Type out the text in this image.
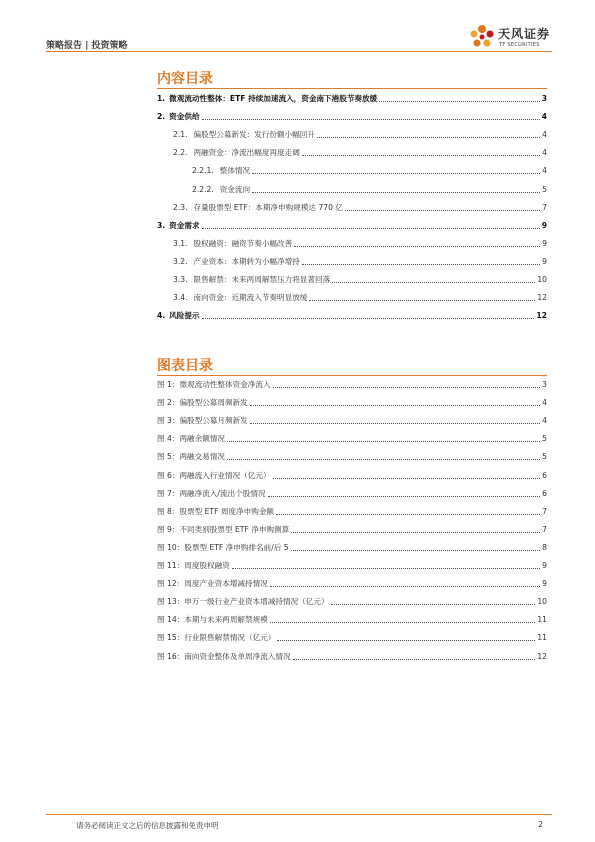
策略报告 | 投资策略
天风证券
TF SECURITIES
内容目录
1. 微观流动性整体：ETF 持续加速流入，资金南下港股节奏放缓	3
2. 资金供给	4
2.1. 偏股型公募新发：发行份额小幅回升	4
2.2. 两融资金：净流出幅度再度走阔	4
2.2.1. 整体情况	4
2.2.2. 资金流向	5
2.3. 存量股票型 ETF：本期净申购规模达 770 亿	7
3. 资金需求	9
3.1. 股权融资：融资节奏小幅改善	9
3.2. 产业资本：本期转为小幅净增持	9
3.3. 限售解禁：未来两周解禁压力将显著回落	10
3.4. 南向资金：近期流入节奏明显放缓	12
4. 风险提示	12
图表目录
图 1： 微观流动性整体资金净流入	3
图 2： 偏股型公募周频新发	4
图 3： 偏股型公募月频新发	4
图 4： 两融余额情况	5
图 5： 两融交易情况	5
图 6： 两融流入行业情况（亿元）	6
图 7： 两融净流入/流出个股情况	6
图 8： 股票型 ETF 周度净申购金额	7
图 9： 不同类别股票型 ETF 净申购测算	7
图 10： 股票型 ETF 净申购排名前/后 5	8
图 11： 周度股权融资	9
图 12： 周度产业资本增减持情况	9
图 13： 申万一级行业产业资本增减持情况（亿元）	10
图 14： 本期与未来两周解禁规模	11
图 15： 行业限售解禁情况（亿元）	11
图 16： 南向资金整体及单周净流入情况	12
请务必阅读正文之后的信息披露和免责申明	2
